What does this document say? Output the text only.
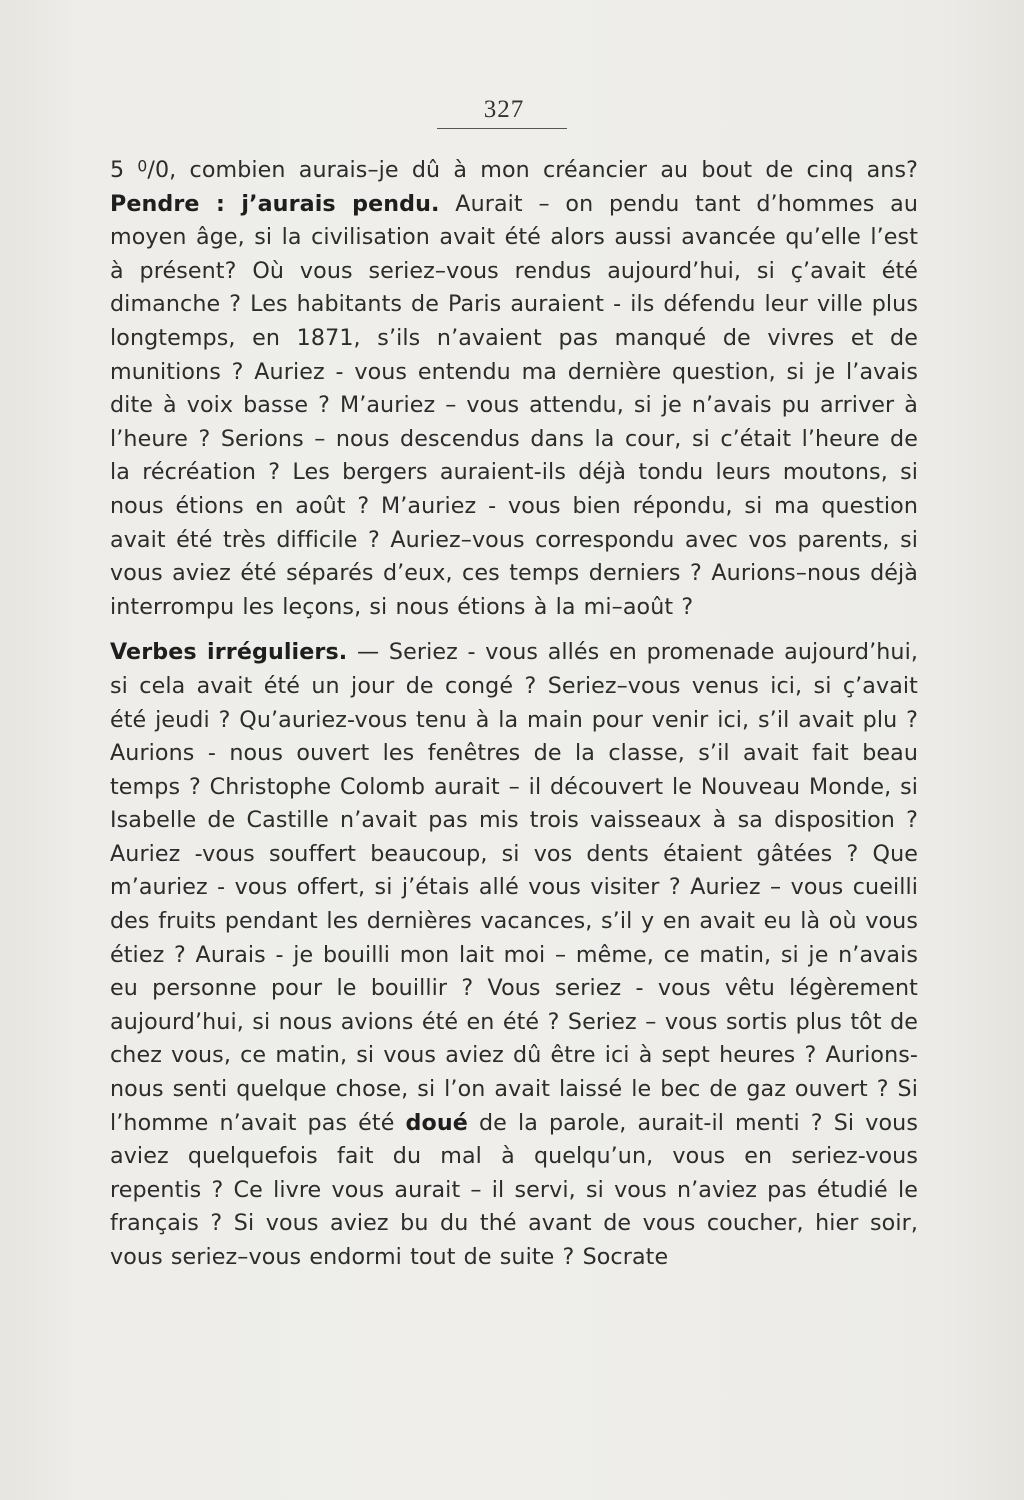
327

5 $^0$/0, combien aurais–je dû à mon créancier au bout de cinq ans? Pendre : j’aurais pendu. Aurait – on pendu tant d’hommes au moyen âge, si la civilisation avait été alors aussi avancée qu’elle l’est à présent? Où vous seriez–vous rendus aujourd’hui, si ç’avait été dimanche ? Les habitants de Paris auraient - ils défendu leur ville plus longtemps, en 1871, s’ils n’avaient pas manqué de vivres et de munitions ? Auriez - vous entendu ma dernière question, si je l’avais dite à voix basse ? M’auriez – vous attendu, si je n’avais pu arriver à l’heure ? Serions – nous descendus dans la cour, si c’était l’heure de la récréation ? Les bergers auraient-ils déjà tondu leurs moutons, si nous étions en août ? M’auriez - vous bien répondu, si ma question avait été très difficile ? Auriez–vous correspondu avec vos parents, si vous aviez été séparés d’eux, ces temps derniers ? Aurions–nous déjà interrompu les leçons, si nous étions à la mi–août ?

Verbes irréguliers. — Seriez - vous allés en promenade aujourd’hui, si cela avait été un jour de congé ? Seriez–vous venus ici, si ç’avait été jeudi ? Qu’auriez-vous tenu à la main pour venir ici, s’il avait plu ? Aurions - nous ouvert les fenêtres de la classe, s’il avait fait beau temps ? Christophe Colomb aurait – il découvert le Nouveau Monde, si Isabelle de Castille n’avait pas mis trois vaisseaux à sa disposition ? Auriez -vous souffert beaucoup, si vos dents étaient gâtées ? Que m’auriez - vous offert, si j’étais allé vous visiter ? Auriez – vous cueilli des fruits pendant les dernières vacances, s’il y en avait eu là où vous étiez ? Aurais - je bouilli mon lait moi – même, ce matin, si je n’avais eu personne pour le bouillir ? Vous seriez - vous vêtu légèrement aujourd’hui, si nous avions été en été ? Seriez – vous sortis plus tôt de chez vous, ce matin, si vous aviez dû être ici à sept heures ? Aurions-nous senti quelque chose, si l’on avait laissé le bec de gaz ouvert ? Si l’homme n’avait pas été doué de la parole, aurait-il menti ? Si vous aviez quelquefois fait du mal à quelqu’un, vous en seriez-vous repentis ? Ce livre vous aurait – il servi, si vous n’aviez pas étudié le français ? Si vous aviez bu du thé avant de vous coucher, hier soir, vous seriez–vous endormi tout de suite ? Socrate
